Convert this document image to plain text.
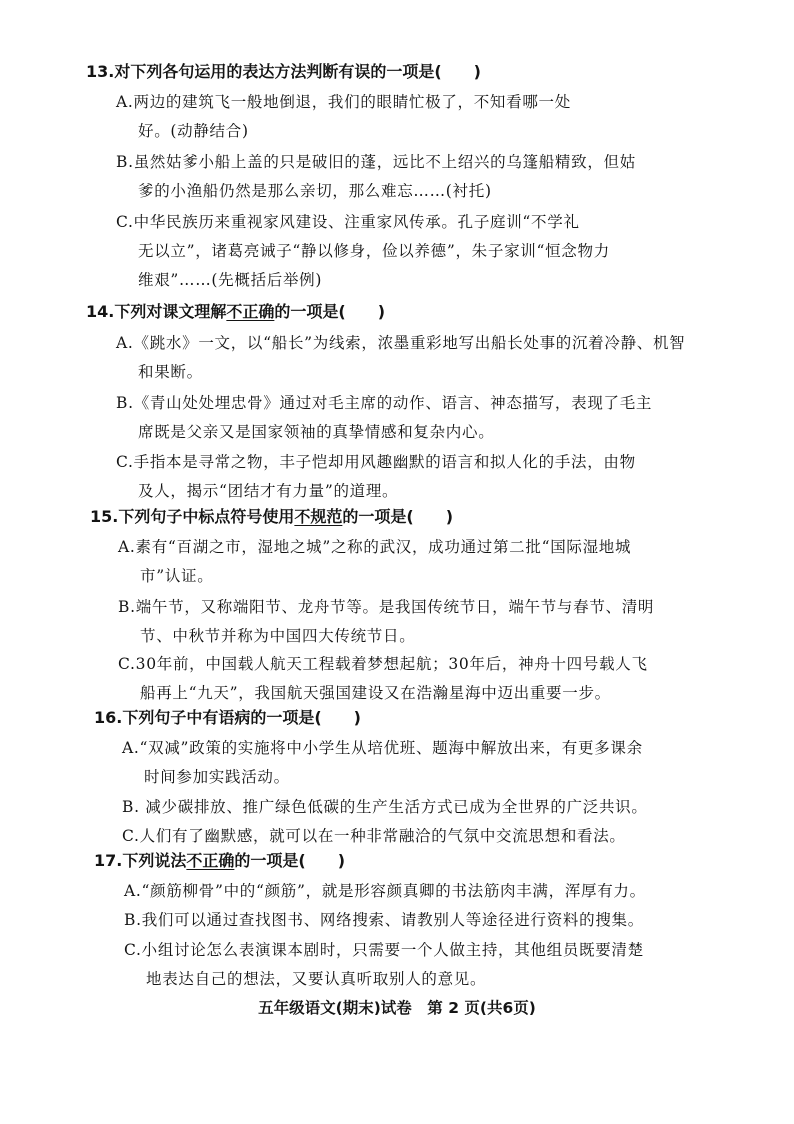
13.对下列各句运用的表达方法判断有误的一项是(　　)
A.两边的建筑飞一般地倒退，我们的眼睛忙极了，不知看哪一处
好。(动静结合)
B.虽然姑爹小船上盖的只是破旧的蓬，远比不上绍兴的乌篷船精致，但姑
爹的小渔船仍然是那么亲切，那么难忘……(衬托)
C.中华民族历来重视家风建设、注重家风传承。孔子庭训“不学礼
无以立”，诸葛亮诫子“静以修身，俭以养德”，朱子家训“恒念物力
维艰”……(先概括后举例)
14.下列对课文理解不正确的一项是(　　)
A.《跳水》一文，以“船长”为线索，浓墨重彩地写出船长处事的沉着冷静、机智
和果断。
B.《青山处处埋忠骨》通过对毛主席的动作、语言、神态描写，表现了毛主
席既是父亲又是国家领袖的真挚情感和复杂内心。
C.手指本是寻常之物，丰子恺却用风趣幽默的语言和拟人化的手法，由物
及人，揭示“团结才有力量”的道理。
15.下列句子中标点符号使用不规范的一项是(　　)
A.素有“百湖之市，湿地之城”之称的武汉，成功通过第二批“国际湿地城
市”认证。
B.端午节，又称端阳节、龙舟节等。是我国传统节日，端午节与春节、清明
节、中秋节并称为中国四大传统节日。
C.30年前，中国载人航天工程载着梦想起航；30年后，神舟十四号载人飞
船再上“九天”，我国航天强国建设又在浩瀚星海中迈出重要一步。
16.下列句子中有语病的一项是(　　)
A.“双减”政策的实施将中小学生从培优班、题海中解放出来，有更多课余
时间参加实践活动。
B. 减少碳排放、推广绿色低碳的生产生活方式已成为全世界的广泛共识。
C.人们有了幽默感，就可以在一种非常融洽的气氛中交流思想和看法。
17.下列说法不正确的一项是(　　)
A.“颜筋柳骨”中的“颜筋”，就是形容颜真卿的书法筋肉丰满，浑厚有力。
B.我们可以通过查找图书、网络搜索、请教别人等途径进行资料的搜集。
C.小组讨论怎么表演课本剧时，只需要一个人做主持，其他组员既要清楚
地表达自己的想法，又要认真听取别人的意见。
五年级语文(期末)试卷　第 2 页(共6页)
